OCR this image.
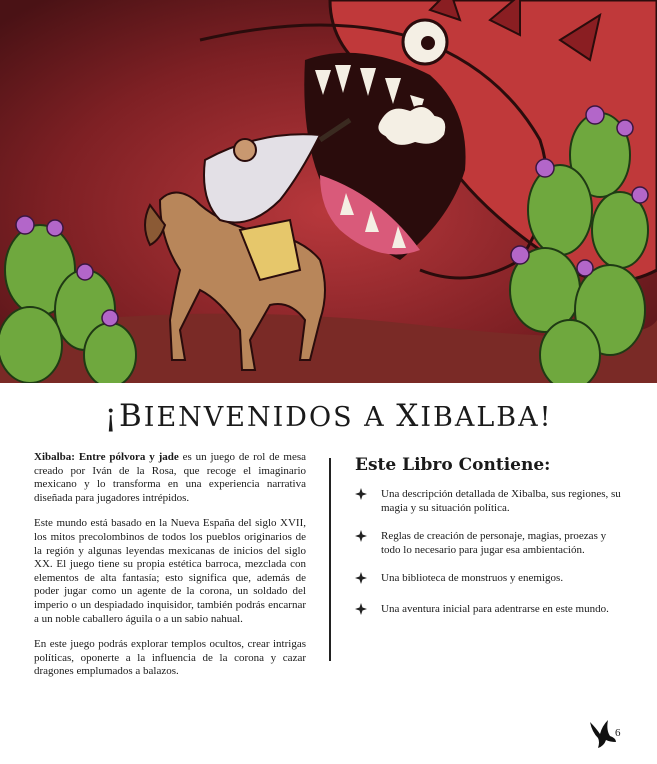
¡BIENVENIDOS A XIBALBA!

Xibalba: Entre pólvora y jade es un juego de rol de mesa creado por Iván de la Rosa, que recoge el imaginario mexicano y lo transforma en una experiencia narrativa diseñada para jugadores intrépidos.

Este mundo está basado en la Nueva España del siglo XVII, los mitos precolombinos de todos los pueblos originarios de la región y algunas leyendas mexicanas de inicios del siglo XX. El juego tiene su propia estética barroca, mezclada con elementos de alta fantasía; esto significa que, además de poder jugar como un agente de la corona, un soldado del imperio o un despiadado inquisidor, también podrás encarnar a un noble caballero águila o a un sabio nahual.

En este juego podrás explorar templos ocultos, crear intrigas políticas, oponerte a la influencia de la corona y cazar dragones emplumados a balazos.

Este Libro Contiene:
Una descripción detallada de Xibalba, sus regiones, su magia y su situación política.
Reglas de creación de personaje, magias, proezas y todo lo necesario para jugar esa ambientación.
Una biblioteca de monstruos y enemigos.
Una aventura inicial para adentrarse en este mundo.
6
